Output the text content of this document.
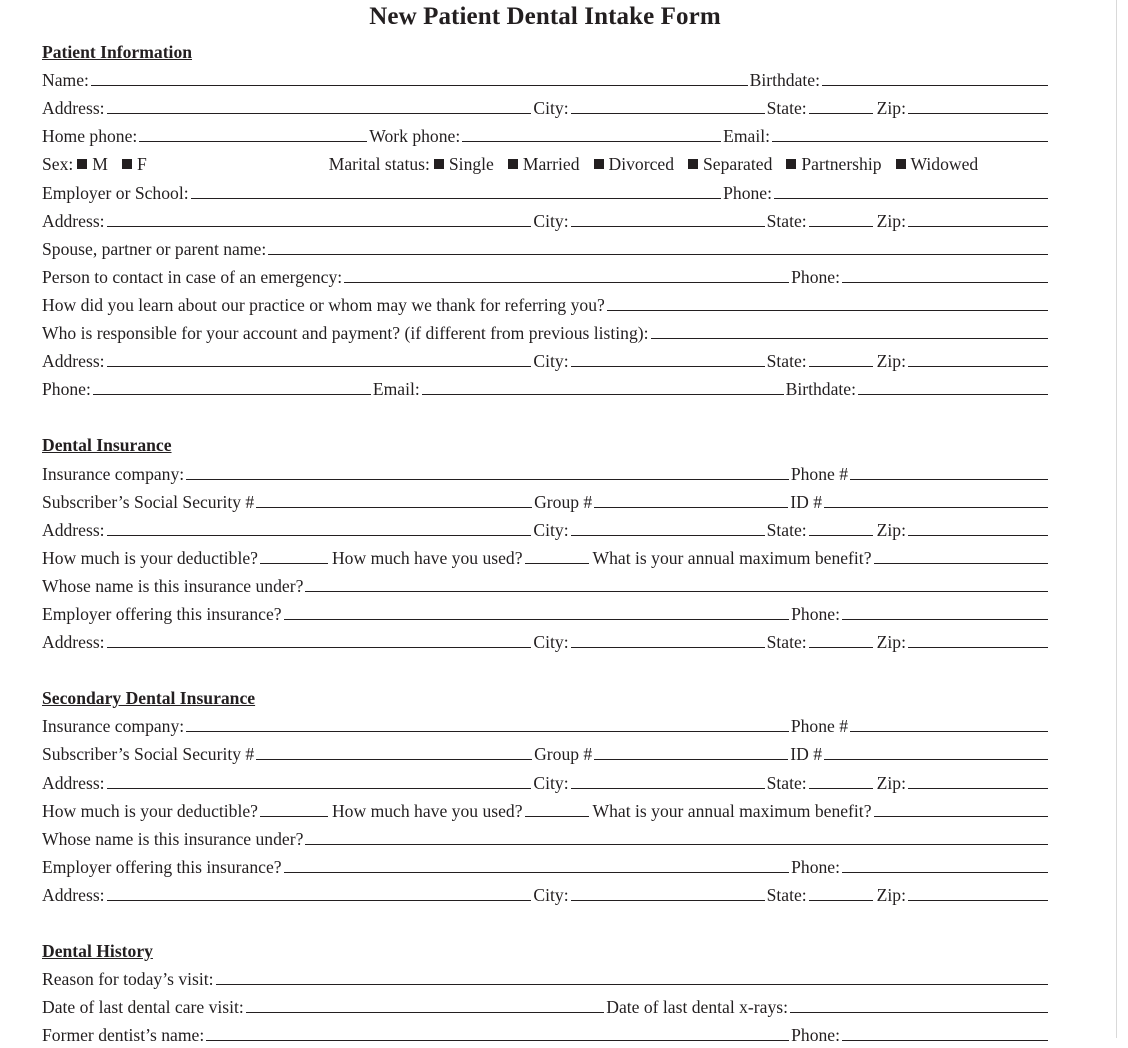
New Patient Dental Intake Form
Patient Information
Name:	Birthdate:
Address:	City:	State:	Zip:
Home phone:	Work phone:	Email:
Sex: M F	Marital status: Single Married Divorced Separated Partnership Widowed
Employer or School:	Phone:
Address:	City:	State:	Zip:
Spouse, partner or parent name:
Person to contact in case of an emergency:	Phone:
How did you learn about our practice or whom may we thank for referring you?
Who is responsible for your account and payment? (if different from previous listing):
Address:	City:	State:	Zip:
Phone:	Email:	Birthdate:
Dental Insurance
Insurance company:	Phone #
Subscriber’s Social Security #	Group #	ID #
Address:	City:	State:	Zip:
How much is your deductible?	How much have you used?	What is your annual maximum benefit?
Whose name is this insurance under?
Employer offering this insurance?	Phone:
Address:	City:	State:	Zip:
Secondary Dental Insurance
Insurance company:	Phone #
Subscriber’s Social Security #	Group #	ID #
Address:	City:	State:	Zip:
How much is your deductible?	How much have you used?	What is your annual maximum benefit?
Whose name is this insurance under?
Employer offering this insurance?	Phone:
Address:	City:	State:	Zip:
Dental History
Reason for today’s visit:
Date of last dental care visit:	Date of last dental x-rays:
Former dentist’s name:	Phone:
